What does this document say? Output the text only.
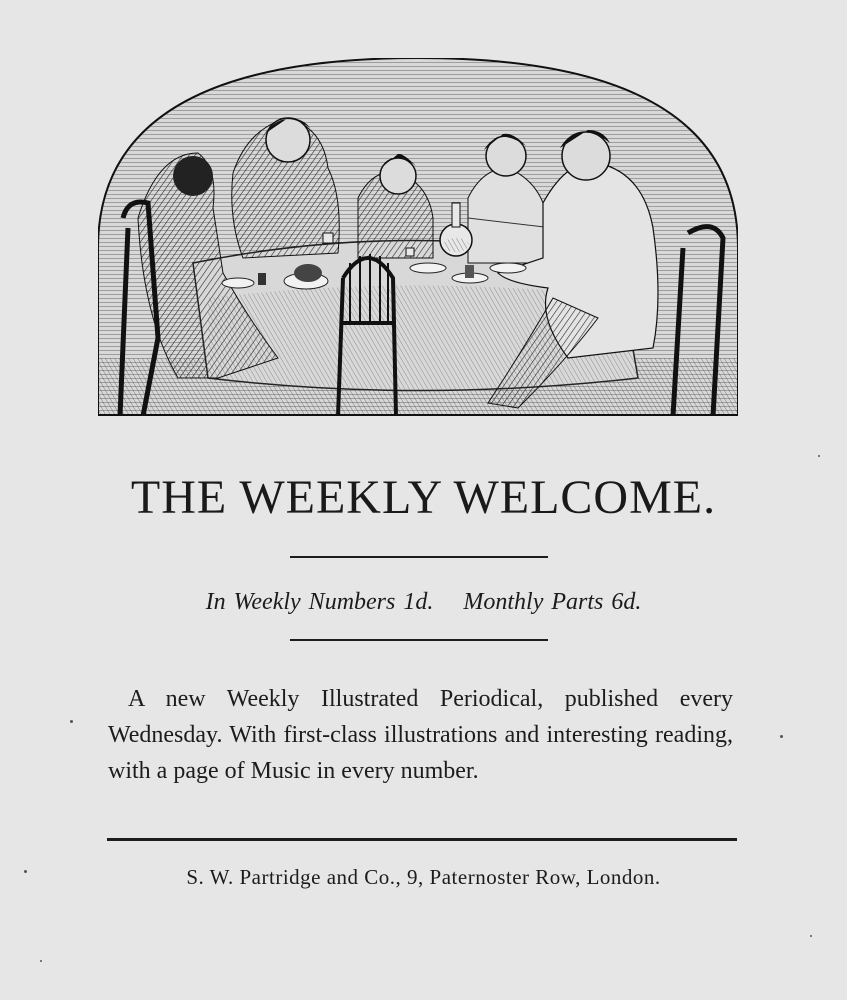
THE WEEKLY WELCOME.
In Weekly Numbers 1d. Monthly Parts 6d.
A new Weekly Illustrated Periodical, published every Wednesday. With first-class illustrations and interesting reading, with a page of Music in every number.
S. W. Partridge and Co., 9, Paternoster Row, London.
